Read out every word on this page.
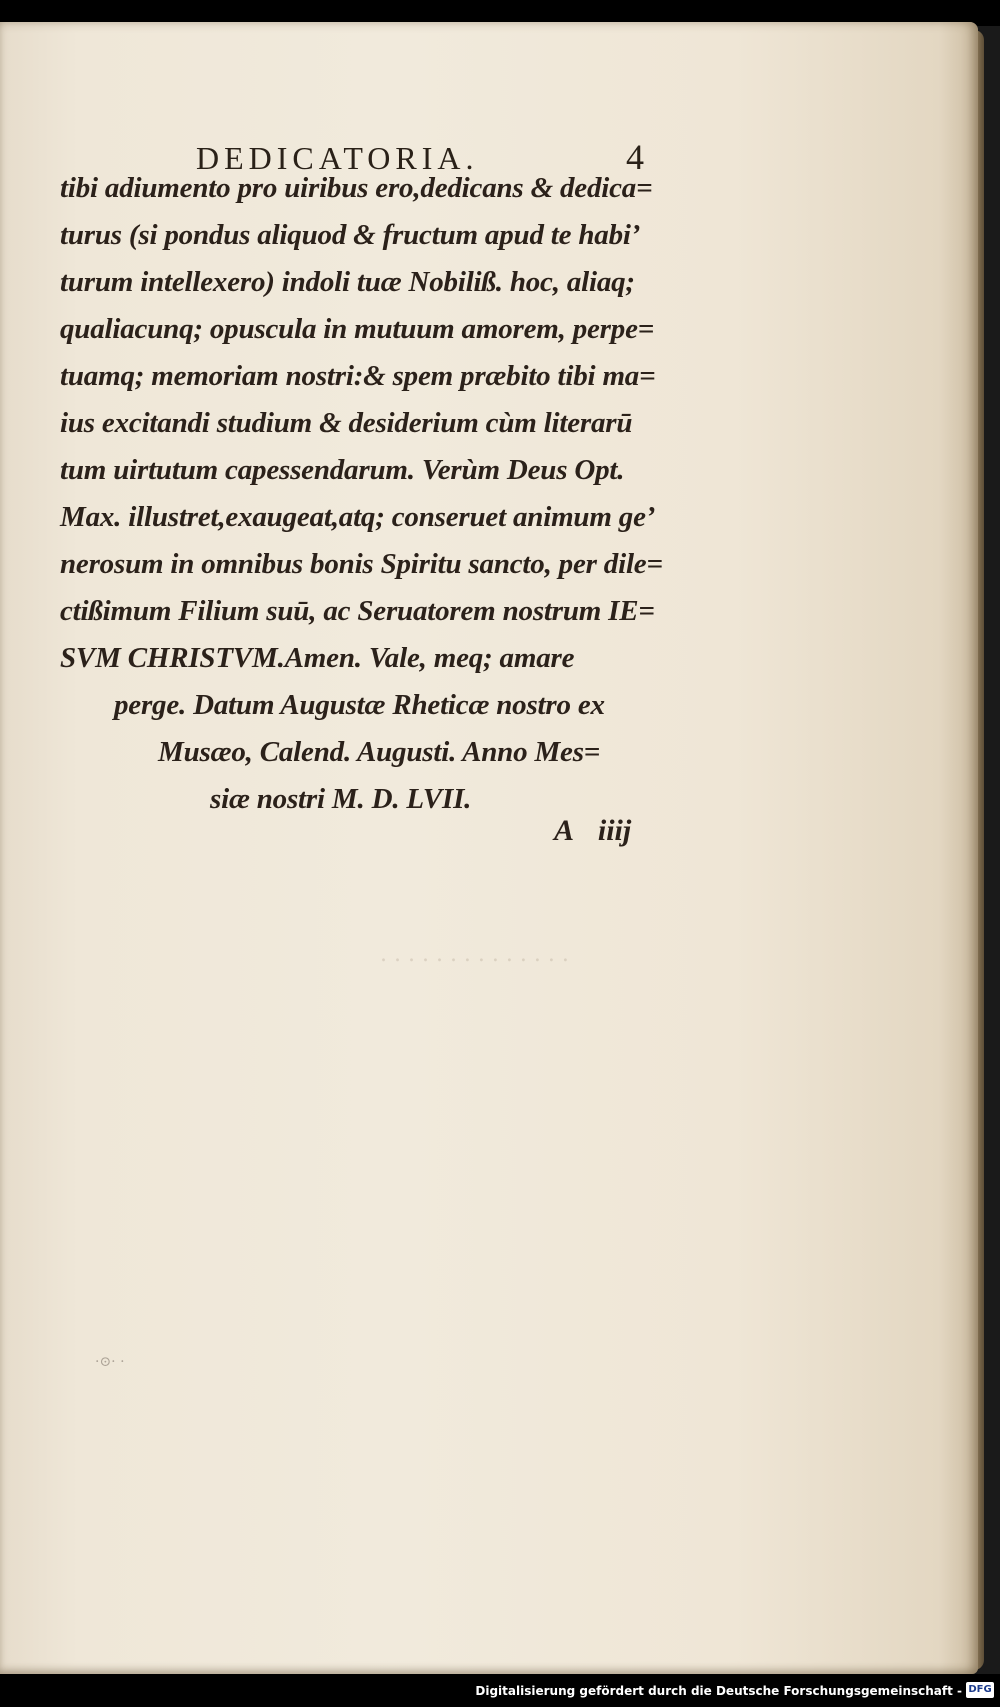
. . . . . . . . . . . . . .
DEDICATORIA.	4
tibi adiumento pro uiribus ero,dedicans & dedica=
turus (si pondus aliquod & fructum apud te habi’
turum intellexero) indoli tuæ Nobiliß. hoc, aliaq;
qualiacunq; opuscula in mutuum amorem, perpe=
tuamq; memoriam nostri:& spem præbito tibi ma=
ius excitandi studium & desiderium cùm literarū
tum uirtutum capessendarum. Verùm Deus Opt.
Max. illustret,exaugeat,atq; conseruet animum ge’
nerosum in omnibus bonis Spiritu sancto, per dile=
ctißimum Filium suū, ac Seruatorem nostrum IE=
SVM CHRISTVM.Amen. Vale, meq; amare
perge. Datum Augustæ Rheticæ nostro ex
Musæo, Calend. Augusti. Anno Mes=
siæ nostri M. D. LVII.
A iiij
·⊙· ·
Digitalisierung gefördert durch die Deutsche Forschungsgemeinschaft - DFG
